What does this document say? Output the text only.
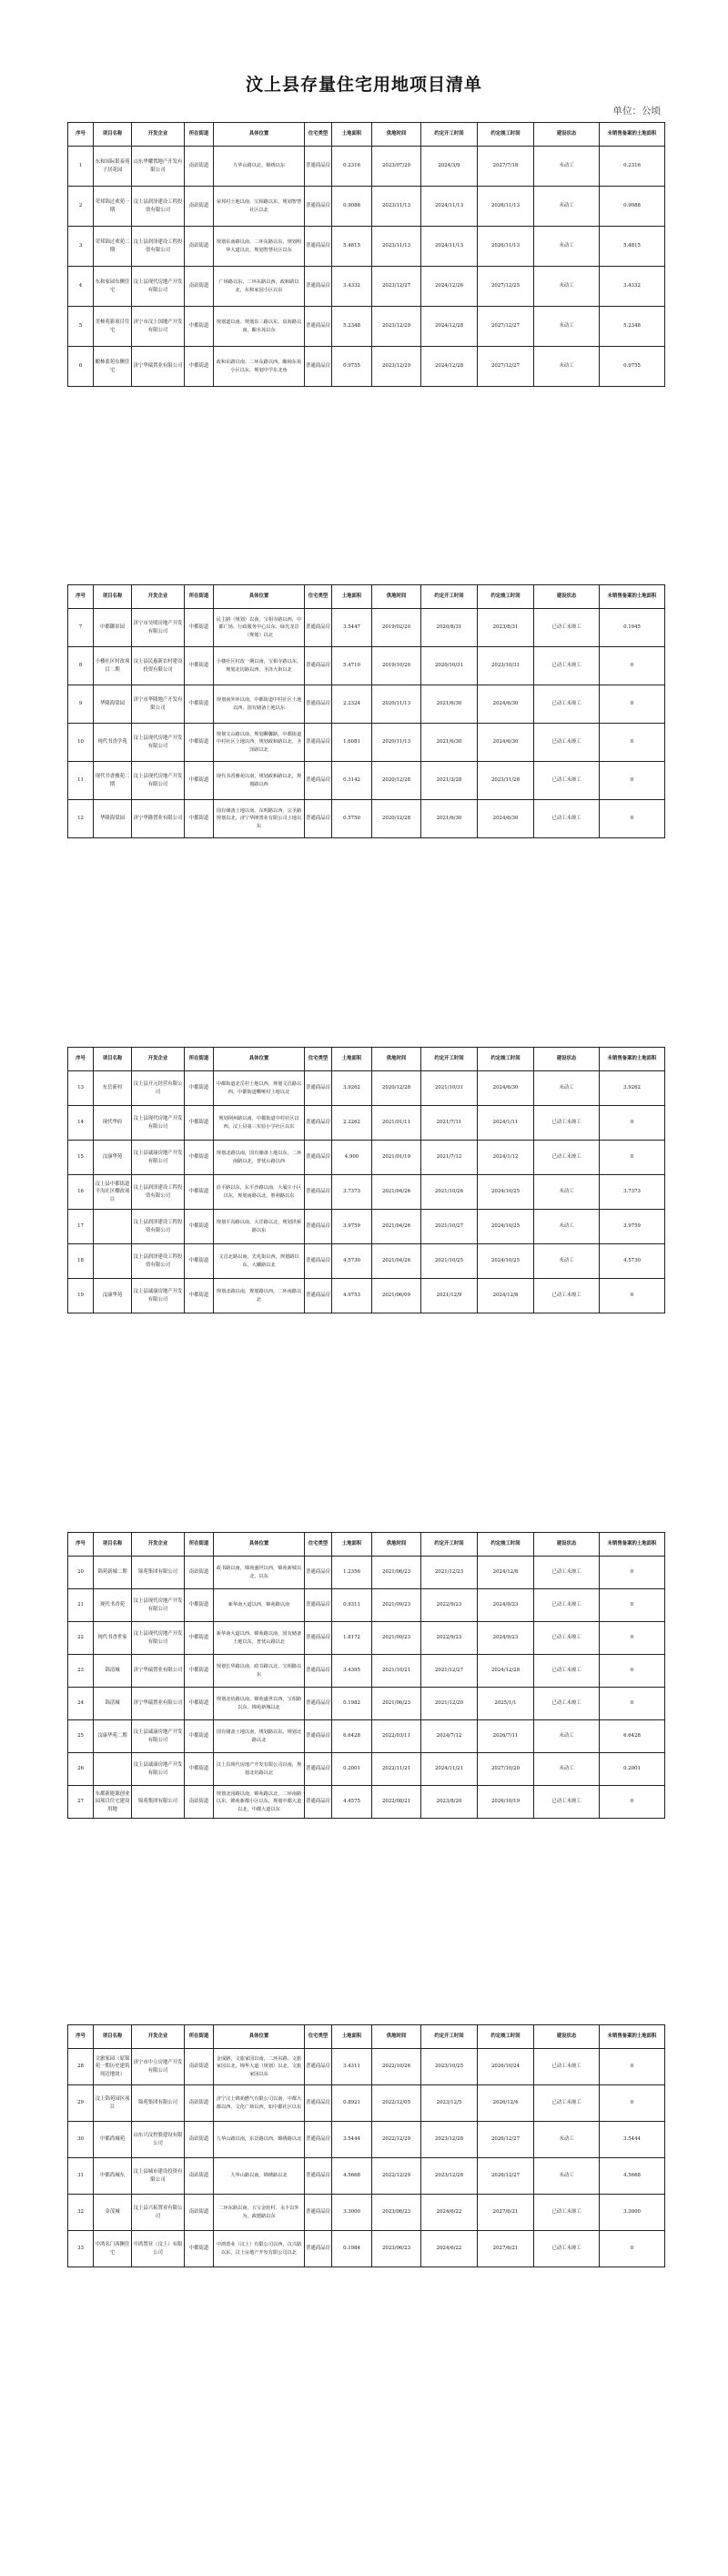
汶上县存量住宅用地项目清单
单位：公顷
序号	项目名称	开发企业	所在街道	具体位置	住宅类型	土地面积	供地时间	约定开工时间	约定竣工时间	建设状态	未销售备案的土地面积
1	东和国际银泰苑子居花园	山东华耀置地产开发有限公司	南站街道	九华山路以北，锦绣以东	普通商品房	0.2316	2023/07/20	2024/3/9	2027/7/18	未动工	0.2316
2	荣邦锦过欢苑一期	汶上县润泽建设工程投资有限公司	南站街道	荣邦村土地以南，宝相路以东，规划智慧社区以北	普通商品房	0.9088	2023/11/13	2024/11/13	2026/11/13	未动工	0.9088
3	荣邦锦过欢苑二期	汶上县润泽建设工程投资有限公司	南站街道	规划东南路以南、二环东路以东，规划明华大道以北，规划智慧社区以东	普通商品房	5.4815	2023/11/13	2024/11/13	2026/11/13	未动工	5.4815
4	东和家园东侧住宅	汶上县现代房地产开发有限公司	南站街道	广场路以东、二环东路以西，政和路以北，东和家园小区以东	普通商品房	3.4332	2023/12/27	2024/12/26	2027/12/25	未动工	3.4332
5	美柿苑新项目住宅	济宁市汶上国地产开发有限公司	中都街道	规划道以南、规划东三路以东，泉海路以南，酿水苑以东	普通商品房	5.2348	2023/12/29	2024/12/28	2027/12/27	未动工	5.2348
6	酿柿蓝苑东侧住宅	济宁华瑞置业有限公司	中都街道	政和东路以南、二环东路以西，酿柿东苑小区以东，规划中学东北角	普通商品房	0.9755	2023/12/29	2024/12/28	2027/12/27	未动工	0.9755
序号	项目名称	开发企业	所在街道	具体位置	住宅类型	土地面积	供地时间	约定开工时间	约定竣工时间	建设状态	未销售备案的土地面积
7	中都御景园	济宁市昊明房地产开发有限公司	中都街道	民主路（规划）以南，宝相寺路以西，中都广场、行政服务中心以东、绿光龙景（规划）以北	普通商品房	3.5447	2019/02/20	2020/8/31	2023/8/31	已动工未竣工	0.1945
8	小楼社区村改项目二期	汶上县民惠新农村建设投资有限公司	中都街道	小楼社区村改一期以南，宝相寺路以东，规划北坊路以西，圣泽大街以北	普通商品房	5.4710	2019/10/20	2020/10/31	2023/10/31	已动工未竣工	0
9	华隆海棠园	济宁市华隆地产开发有限公司	中都街道	规划南外环以南，中都街道中村社区土地以西，国有储备土地以东	普通商品房	2.2324	2020/11/13	2021/6/30	2024/6/30	已动工未竣工	0
10	现代书香学苑	汶上县现代房地产开发有限公司	中都街道	规划文山路以南、规划聊馨路，中都街道中村社区土地以西，规划政和路以北、圣泽路以北	普通商品房	1.6081	2020/11/13	2021/6/30	2024/6/30	已动工未竣工	0
11	现代书香雅苑二期	汶上县现代房地产开发有限公司	中都街道	现代书香雅苑以南，规划政和路以北，规划路以西	普通商品房	0.3142	2020/12/28	2021/3/28	2023/11/28	已动工未竣工	0
12	华隆海棠园	济宁华隆置业有限公司	中都街道	国有储备土地以南，东明路以西，宗圣路规划以北，济宁华隆置业有限公司土地以东	普通商品房	0.5750	2020/12/28	2021/6/30	2024/6/30	已动工未竣工	0
序号	项目名称	开发企业	所在街道	具体位置	住宅类型	土地面积	供地时间	约定开工时间	约定竣工时间	建设状态	未销售备案的土地面积
13	东岳新村	汶上县开元经营有限公司	中都街道	中都街道北岳村土地以西，规划文昌路以西，中都街道嘶哑村土地以北	普通商品房	3.9262	2020/12/28	2021/10/31	2024/6/30	未动工	3.9262
14	现代华府	汶上县现代房地产开发有限公司	中都街道	规划荆州路以南，中都街道中村社区以西，汶上县第三实验小学社区以东	普通商品房	2.2262	2021/01/11	2021/7/11	2024/1/11	已动工未竣工	0
15	汶康华苑	汶上县诚康房地产开发有限公司	中都街道	规划北路以南，国有储备土地以东，二环南路以北，普忧山路以西	普通商品房	4.900	2021/01/19	2021/7/12	2024/1/12	已动工未竣工	0
16	汶上县中都街道平沟社区棚改项目	汶上县润泽建设工程投资有限公司	中都街道	沿平路以东，东平沙路以南，大厦庄小区以东，规划南路以北，胜利路以东	普通商品房	3.7373	2021/04/26	2021/10/26	2024/10/25	未动工	3.7373
17		汶上县润泽建设工程投资有限公司	中都街道	规划平沟路以南，大洋路以北，规划洪桥路以东	普通商品房	3.9759	2021/04/26	2021/10/27	2024/10/25	未动工	3.9759
18		汶上县润泽建设工程投资有限公司	中都街道	文昌北路以南，先兆街以西，规划路以东，大曦路以北	普通商品房	4.5730	2021/04/26	2021/10/25	2024/10/25	未动工	4.5730
19	汶康华苑	汶上县诚康房地产开发有限公司	中都街道	规划北路以南，规划路以西，二环南路以北	普通商品房	4.9753	2021/06/09	2021/12/9	2024/12/8	已动工未竣工	0
序号	项目名称	开发企业	所在街道	具体位置	住宅类型	土地面积	供地时间	约定开工时间	约定竣工时间	建设状态	未销售备案的土地面积
20	锦苑新城二期	锦苑集团有限公司	南站街道	政书路以南，锦苑盛世以西，锦苑新城以北，以东	普通商品房	1.2356	2021/06/23	2021/12/23	2024/12/8	已动工未竣工	0
21	现代书香苑	汶上县现代房地产开发有限公司	中都街道	新华南大道以西，锦苑路以南	普通商品房	0.9311	2021/09/23	2022/9/23	2024/9/23	已动工未竣工	0
22	现代书香世家	汶上县现代房地产开发有限公司	中都街道	新华南大道以西，锦苑路以南，国有储备土地以东，普忧山路以北	普通商品房	1.8172	2021/09/23	2022/9/23	2024/9/23	已动工未竣工	0
23	锦清城	济宁华瑞置业有限公司	中都街道	规划长华路以南，政书路以北，宝相路以东	普通商品房	3.4395	2021/10/21	2021/12/27	2024/12/28	已动工未竣工	0
24	锦清城	济宁华瑞置业有限公司	中都街道	规划北坊路以南，锦苑盛世以西，宝相路以东，锦苑新城以北	普通商品房	0.1982	2021/06/23	2021/12/20	2025/1/1	已动工未竣工	0
25	汶康华苑二期	汶上县诚康房地产开发有限公司	中都街道	国有储备土地以南，规划路以东，规划北路以北	普通商品房	6.6428	2022/03/11	2024/7/12	2026/7/11	未动工	6.6428
26		汶上县诚康房地产开发有限公司	中都街道	汶上县现代房地产开发有限公司以南，规划北坊路以北	普通商品房	0.2001	2022/11/21	2024/11/21	2027/10/20	未动工	0.2001
27	东都新能源创业园项目住宅建设用地	锦苑集团有限公司	南站街道	规划北园路以南，锦苑路以北，二环南路以东，锦苑新都小区以东，规划中都大道以北，中都大道以东	普通商品房	4.4575	2022/08/21	2023/8/20	2026/10/19	已动工未竣工	0
序号	项目名称	开发企业	所在街道	具体位置	住宅类型	土地面积	供地时间	约定开工时间	约定竣工时间	建设状态	未销售备案的土地面积
28	文旅家园（原锦苑一期历史建筑周边地块）	济宁市中立房地产开发有限公司	南站街道	金成路，文旅家园以南，二环东路，文旅家园以北，锦华大道（规划）以北，文旅家园以东	普通商品房	3.4311	2022/10/26	2023/10/25	2026/10/24	已动工未竣工	0
29	汶上锦苑园区项目	锦苑集团有限公司	南站街道	济宁汶上锦苑燃气有限公司以南，中都大都以西，文化广场以西，如中都社区以东	普通商品房	0.8921	2022/12/05	2023/12/5	2026/12/4	已动工未竣工	0
30	中都尚城苑	山东兴汶控股建设有限公司	南站街道	九华山路以南，东景路以西，锦绣路以北	普通商品房	3.5444	2022/12/29	2023/12/28	2026/12/27	未动工	3.5444
31	中都尚城东	汶上县城市建设投资有限公司	南站街道	九华山路以南，锦绣路以北	普通商品房	4.5668	2022/12/29	2023/12/28	2026/12/27	未动工	4.5668
32	金茂城	汶上县兴拓置业有限公司	南站街道	二环东路以南，五宝金轮村，永丰以外为，政德路以东	普通商品房	3.3000	2023/06/23	2024/6/22	2027/6/21	已动工未竣工	3.3000
33	中鸿名门西侧住宅	中鸿置业（汶上）有限公司	中都街道	中鸿置业（汶上）有限公司以西，汶兴路以东，汶上房地产开发有限公司以北	普通商品房	0.1984	2023/06/23	2024/6/22	2027/6/21	已动工未竣工	0
